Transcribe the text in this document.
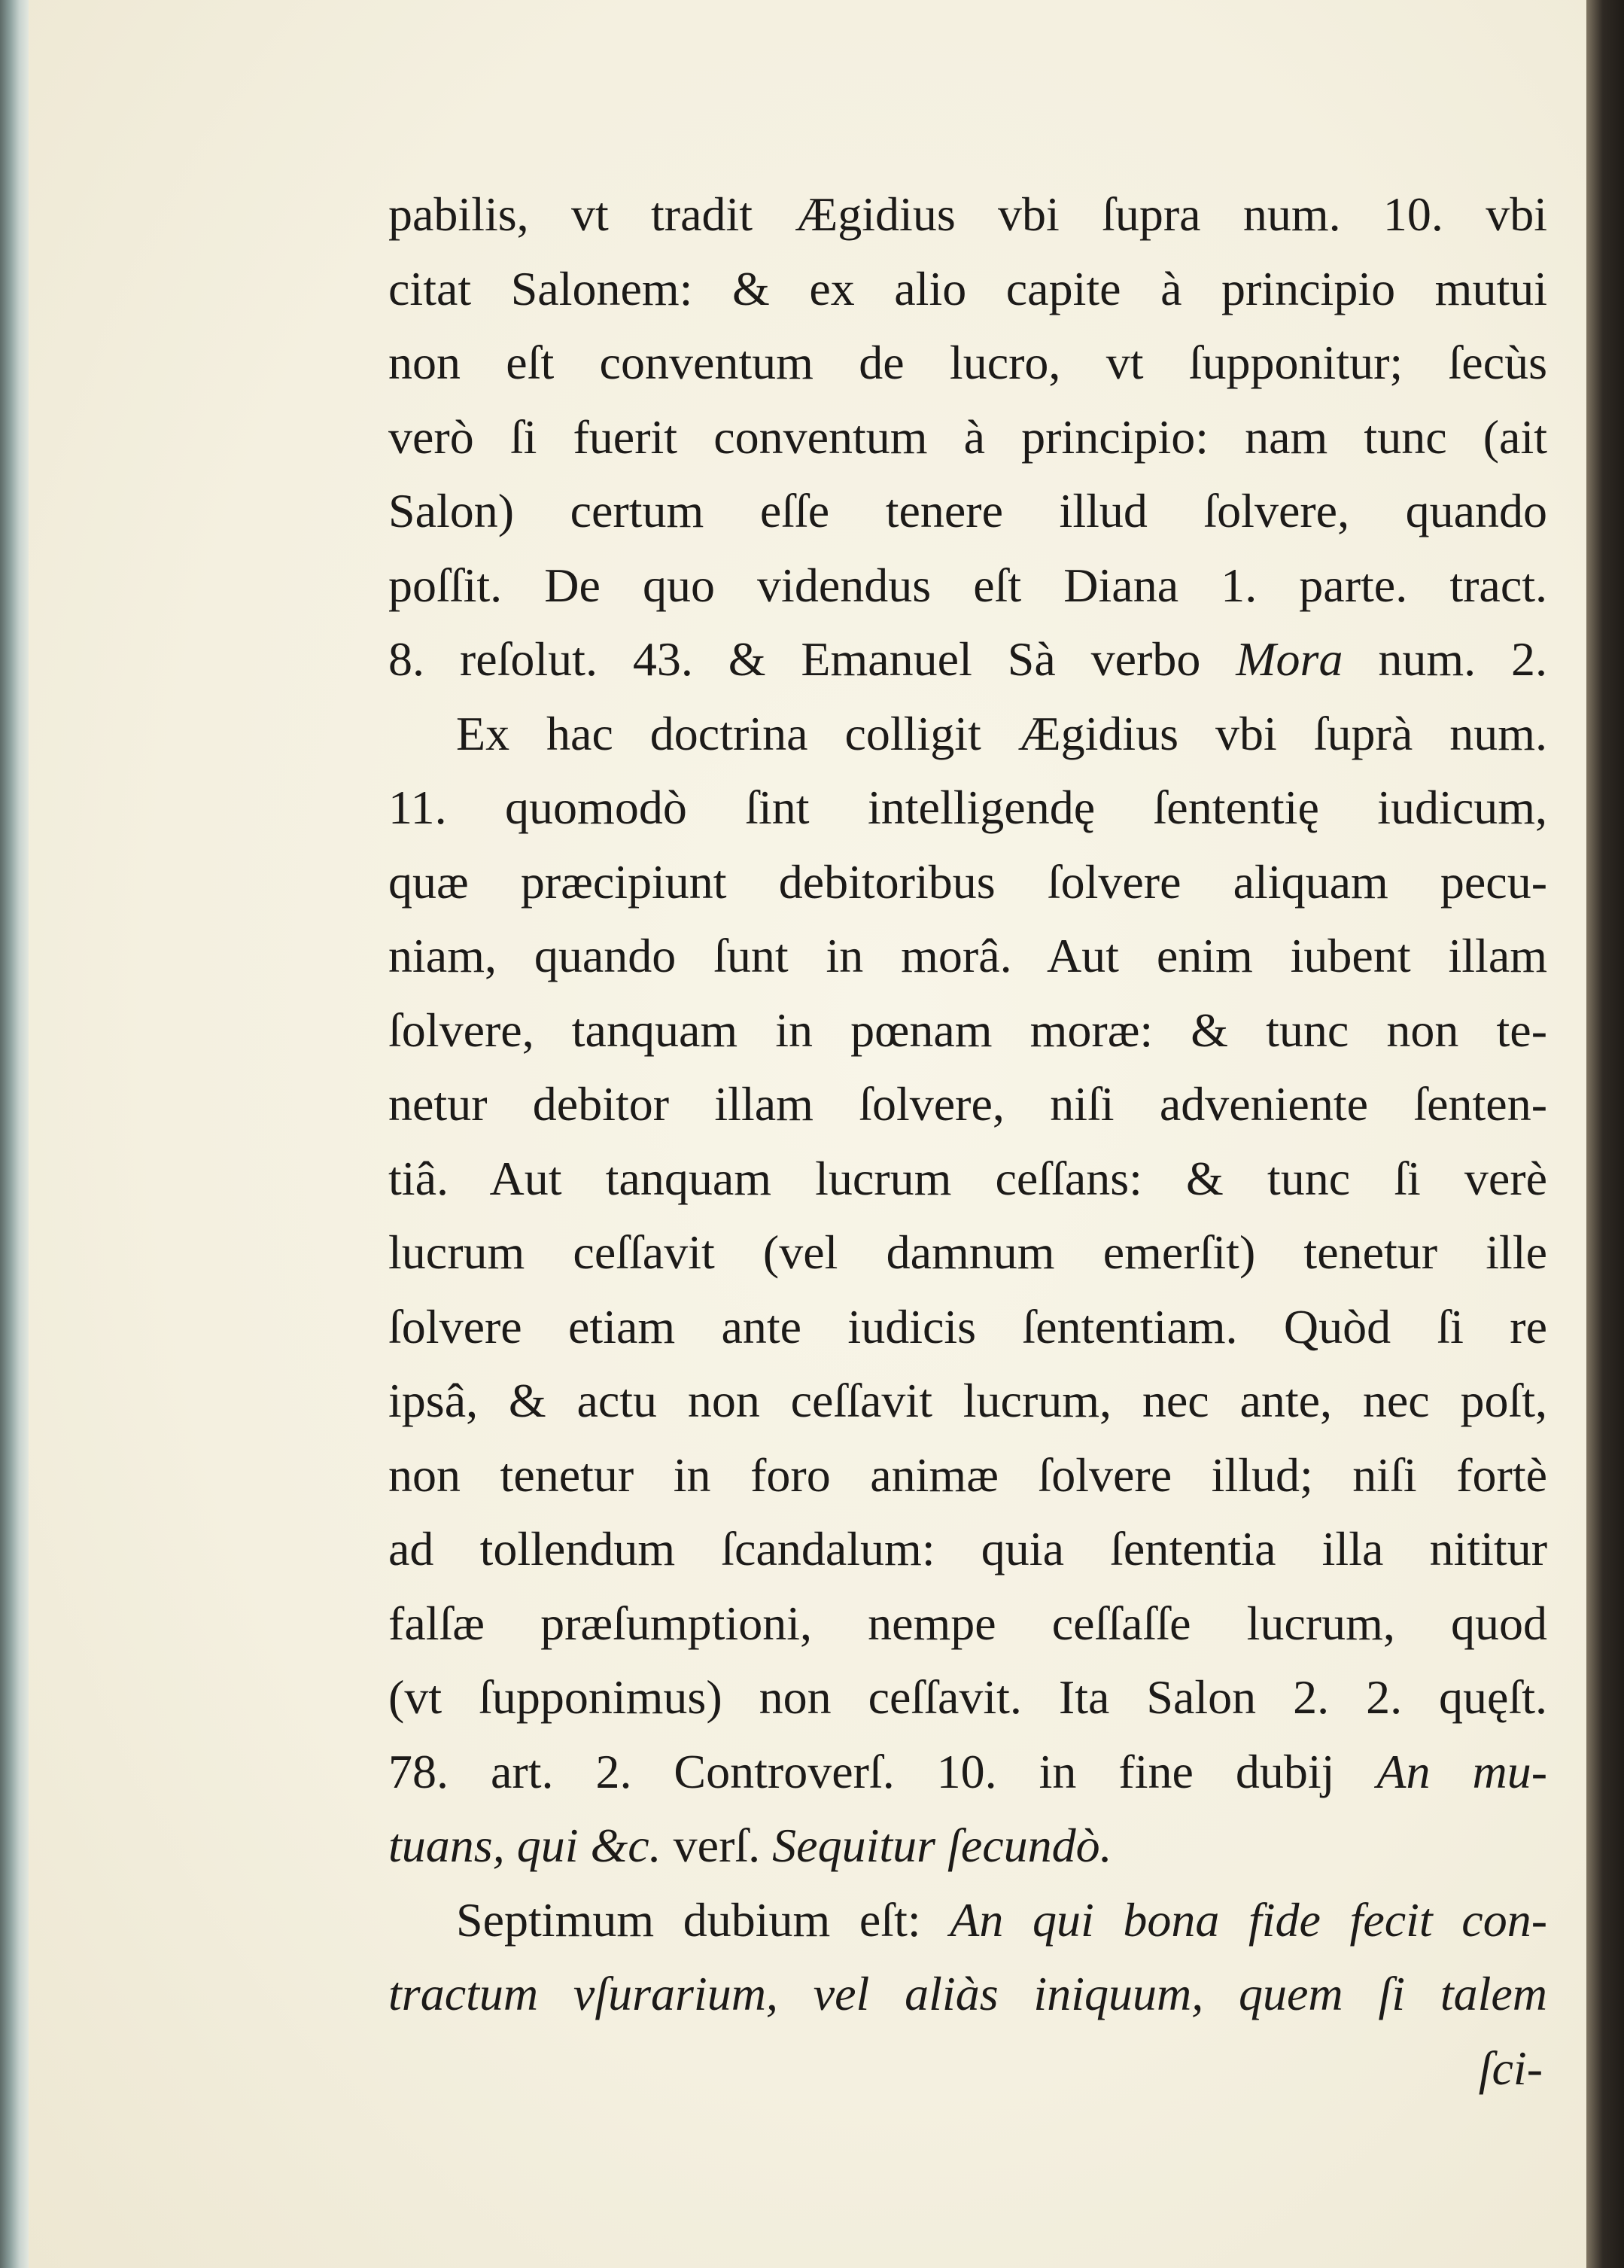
pabilis, vt tradit Ægidius vbi ſupra num. 10. vbi
citat Salonem: & ex alio capite à principio mutui
non eſt conventum de lucro, vt ſupponitur; ſecùs
verò ſi fuerit conventum à principio: nam tunc (ait
Salon) certum eſſe tenere illud ſolvere, quando
poſſit. De quo videndus eſt Diana 1. parte. tract.
8. reſolut. 43. & Emanuel Sà verbo Mora num. 2.
Ex hac doctrina colligit Ægidius vbi ſuprà num.
11. quomodò ſint intelligendę ſententię iudicum,
quæ præcipiunt debitoribus ſolvere aliquam pecu-
niam, quando ſunt in morâ. Aut enim iubent illam
ſolvere, tanquam in pœnam moræ: & tunc non te-
netur debitor illam ſolvere, niſi adveniente ſenten-
tiâ. Aut tanquam lucrum ceſſans: & tunc ſi verè
lucrum ceſſavit (vel damnum emerſit) tenetur ille
ſolvere etiam ante iudicis ſententiam. Quòd ſi re
ipsâ, & actu non ceſſavit lucrum, nec ante, nec poſt,
non tenetur in foro animæ ſolvere illud; niſi fortè
ad tollendum ſcandalum: quia ſententia illa nititur
falſæ præſumptioni, nempe ceſſaſſe lucrum, quod
(vt ſupponimus) non ceſſavit. Ita Salon 2. 2. quęſt.
78. art. 2. Controverſ. 10. in fine dubij An mu-
tuans, qui &c. verſ. Sequitur ſecundò.
Septimum dubium eſt: An qui bona fide fecit con-
tractum vſurarium, vel aliàs iniquum, quem ſi talem
ſci-
